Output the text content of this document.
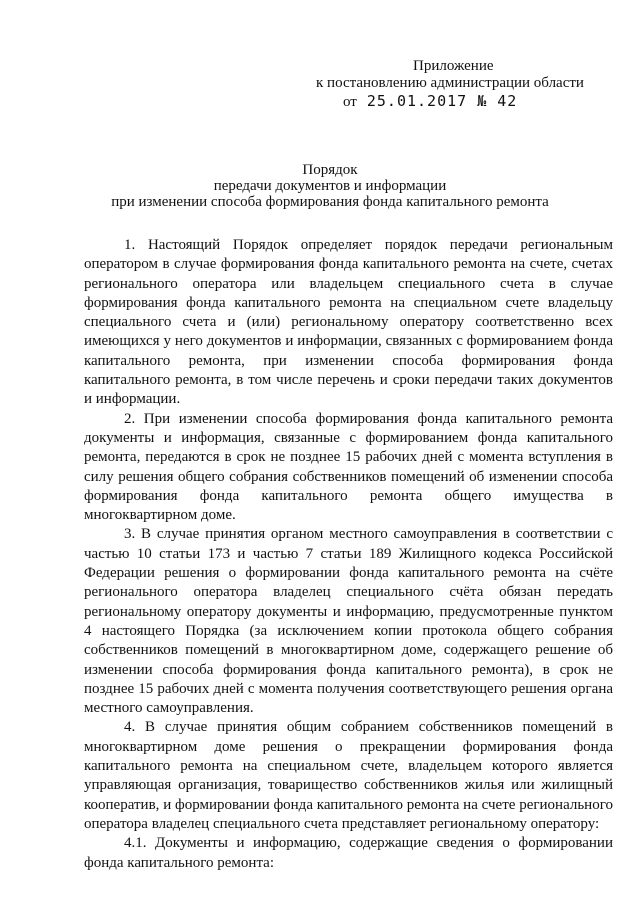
Приложение
к постановлению администрации области
от 25.01.2017 № 42
Порядок
передачи документов и информации
при изменении способа формирования фонда капитального ремонта

1. Настоящий Порядок определяет порядок передачи региональным оператором в случае формирования фонда капитального ремонта на счете, счетах регионального оператора или владельцем специального счета в случае формирования фонда капитального ремонта на специальном счете владельцу специального счета и (или) региональному оператору соответственно всех имеющихся у него документов и информации, связанных с формированием фонда капитального ремонта, при изменении способа формирования фонда капитального ремонта, в том числе перечень и сроки передачи таких документов и информации.

2. При изменении способа формирования фонда капитального ремонта документы и информация, связанные с формированием фонда капитального ремонта, передаются в срок не позднее 15 рабочих дней с момента вступления в силу решения общего собрания собственников помещений об изменении способа формирования фонда капитального ремонта общего имущества в многоквартирном доме.

3. В случае принятия органом местного самоуправления в соответствии с частью 10 статьи 173 и частью 7 статьи 189 Жилищного кодекса Российской Федерации решения о формировании фонда капитального ремонта на счёте регионального оператора владелец специального счёта обязан передать региональному оператору документы и информацию, предусмотренные пунктом 4 настоящего Порядка (за исключением копии протокола общего собрания собственников помещений в многоквартирном доме, содержащего решение об изменении способа формирования фонда капитального ремонта), в срок не позднее 15 рабочих дней с момента получения соответствующего решения органа местного самоуправления.

4. В случае принятия общим собранием собственников помещений в многоквартирном доме решения о прекращении формирования фонда капитального ремонта на специальном счете, владельцем которого является управляющая организация, товарищество собственников жилья или жилищный кооператив, и формировании фонда капитального ремонта на счете регионального оператора владелец специального счета представляет региональному оператору:

4.1. Документы и информацию, содержащие сведения о формировании фонда капитального ремонта:
